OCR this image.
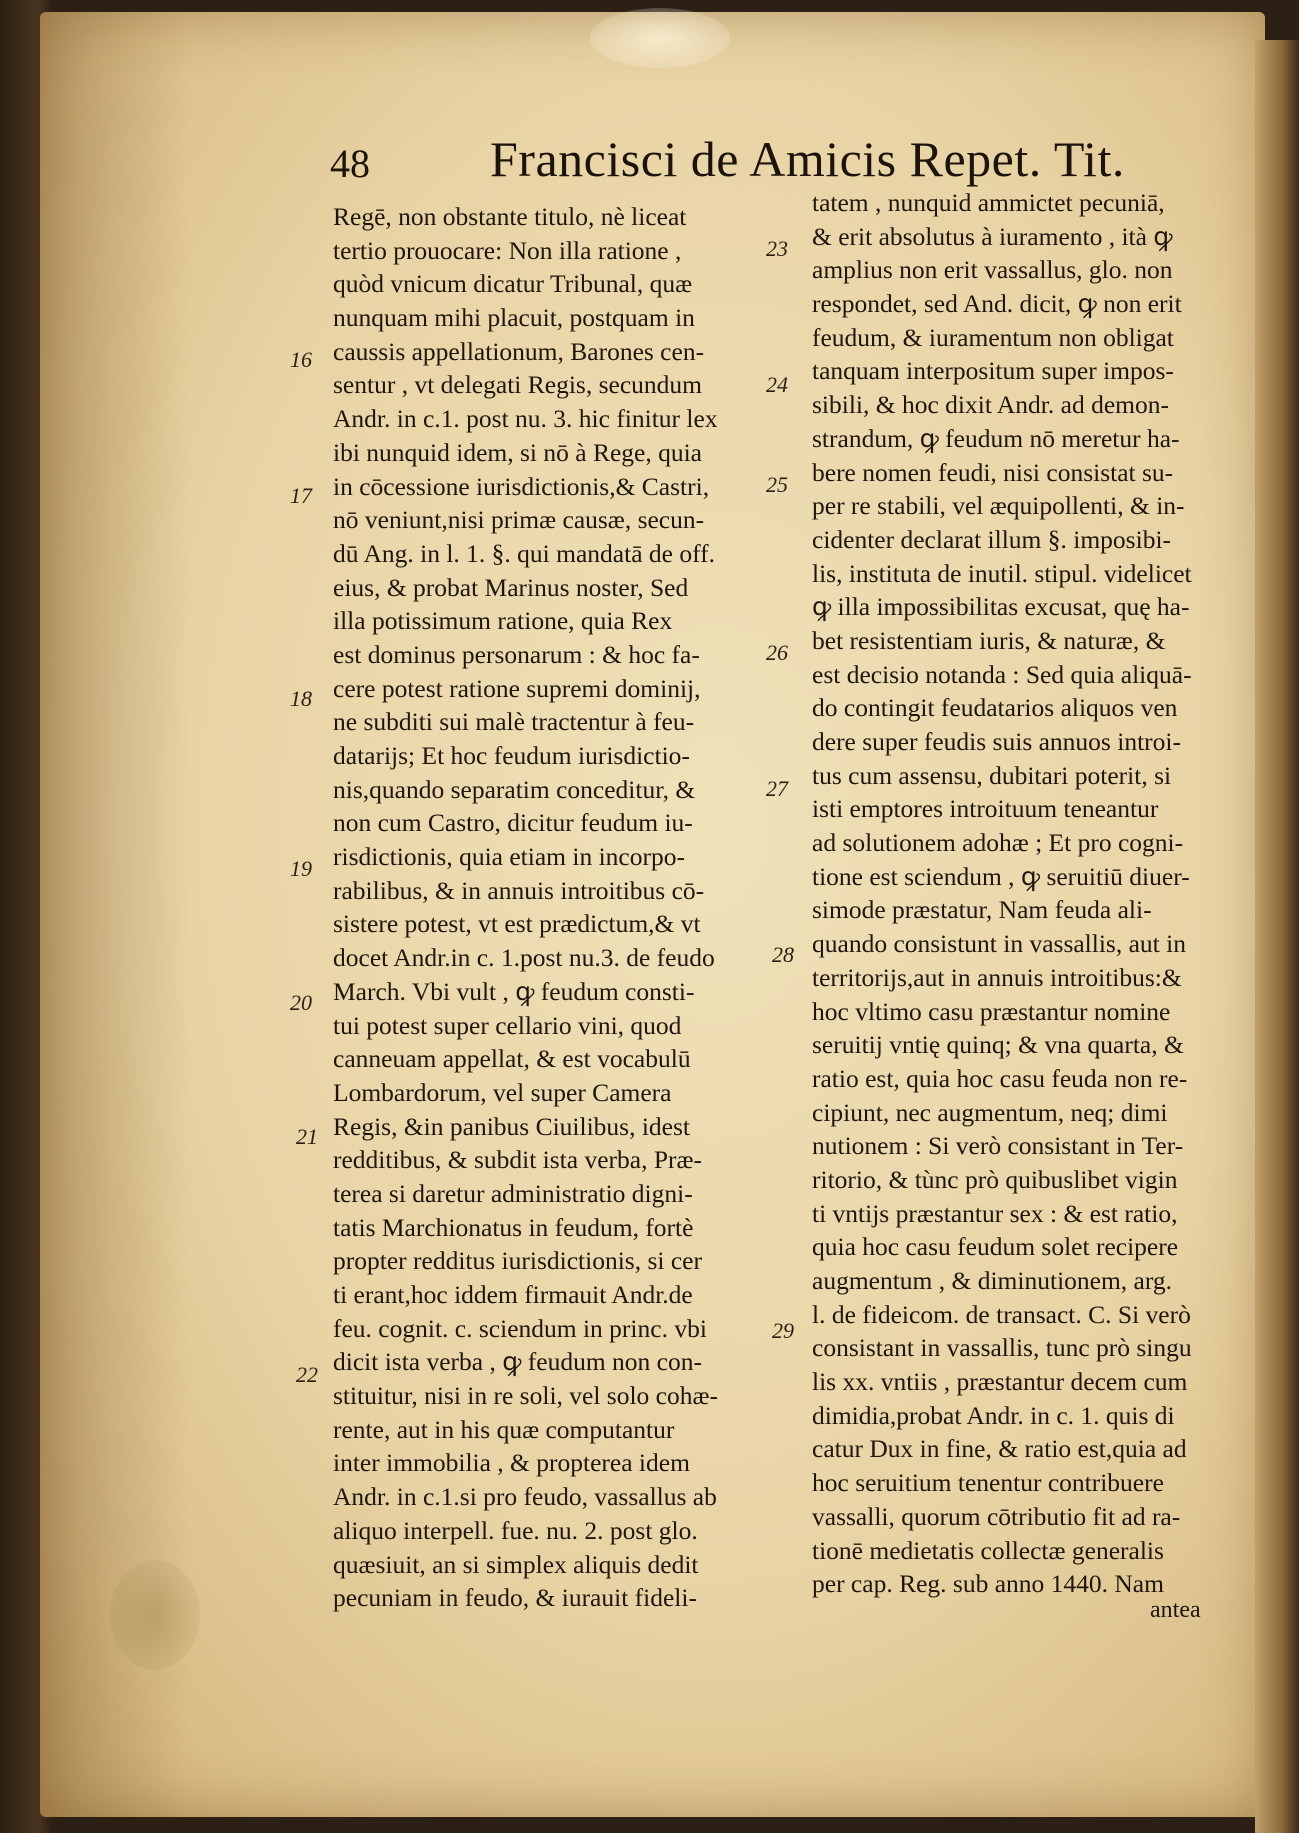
48 Francisci de Amicis Repet. Tit.
Regē, non obstante titulo, nè liceat
tertio prouocare: Non illa ratione ,
quòd vnicum dicatur Tribunal, quæ
nunquam mihi placuit, postquam in
caussis appellationum, Barones cen-
sentur , vt delegati Regis, secundum
Andr. in c.1. post nu. 3. hic finitur lex
ibi nunquid idem, si nō à Rege, quia
in cōcessione iurisdictionis,& Castri,
nō veniunt,nisi primæ causæ, secun-
dū Ang. in l. 1. §. qui mandatā de off.
eius, & probat Marinus noster, Sed
illa potissimum ratione, quia Rex
est dominus personarum : & hoc fa-
cere potest ratione supremi dominij,
ne subditi sui malè tractentur à feu-
datarijs; Et hoc feudum iurisdictio-
nis,quando separatim conceditur, &
non cum Castro, dicitur feudum iu-
risdictionis, quia etiam in incorpo-
rabilibus, & in annuis introitibus cō-
sistere potest, vt est prædictum,& vt
docet Andr.in c. 1.post nu.3. de feudo
March. Vbi vult , ꝙ feudum consti-
tui potest super cellario vini, quod
canneuam appellat, & est vocabulū
Lombardorum, vel super Camera
Regis, &in panibus Ciuilibus, idest
redditibus, & subdit ista verba, Præ-
terea si daretur administratio digni-
tatis Marchionatus in feudum, fortè
propter redditus iurisdictionis, si cer
ti erant,hoc iddem firmauit Andr.de
feu. cognit. c. sciendum in princ. vbi
dicit ista verba , ꝙ feudum non con-
stituitur, nisi in re soli, vel solo cohæ-
rente, aut in his quæ computantur
inter immobilia , & propterea idem
Andr. in c.1.si pro feudo, vassallus ab
aliquo interpell. fue. nu. 2. post glo.
quæsiuit, an si simplex aliquis dedit
pecuniam in feudo, & iurauit fideli-
tatem , nunquid ammictet pecuniā,
& erit absolutus à iuramento , ità ꝙ
amplius non erit vassallus, glo. non
respondet, sed And. dicit, ꝙ non erit
feudum, & iuramentum non obligat
tanquam interpositum super impos-
sibili, & hoc dixit Andr. ad demon-
strandum, ꝙ feudum nō meretur ha-
bere nomen feudi, nisi consistat su-
per re stabili, vel æquipollenti, & in-
cidenter declarat illum §. imposibi-
lis, instituta de inutil. stipul. videlicet
ꝙ illa impossibilitas excusat, quę ha-
bet resistentiam iuris, & naturæ, &
est decisio notanda : Sed quia aliquā-
do contingit feudatarios aliquos ven
dere super feudis suis annuos introi-
tus cum assensu, dubitari poterit, si
isti emptores introituum teneantur
ad solutionem adohæ ; Et pro cogni-
tione est sciendum , ꝙ seruitiū diuer-
simode præstatur, Nam feuda ali-
quando consistunt in vassallis, aut in
territorijs,aut in annuis introitibus:&
hoc vltimo casu præstantur nomine
seruitij vntię quinq; & vna quarta, &
ratio est, quia hoc casu feuda non re-
cipiunt, nec augmentum, neq; dimi
nutionem : Si verò consistant in Ter-
ritorio, & tùnc prò quibuslibet vigin
ti vntijs præstantur sex : & est ratio,
quia hoc casu feudum solet recipere
augmentum , & diminutionem, arg.
l. de fideicom. de transact. C. Si verò
consistant in vassallis, tunc prò singu
lis xx. vntiis , præstantur decem cum
dimidia,probat Andr. in c. 1. quis di
catur Dux in fine, & ratio est,quia ad
hoc seruitium tenentur contribuere
vassalli, quorum cōtributio fit ad ra-
tionē medietatis collectæ generalis
per cap. Reg. sub anno 1440. Nam
antea
16
17
18
19
20
21
22
23
24
25
26
27
28
29
